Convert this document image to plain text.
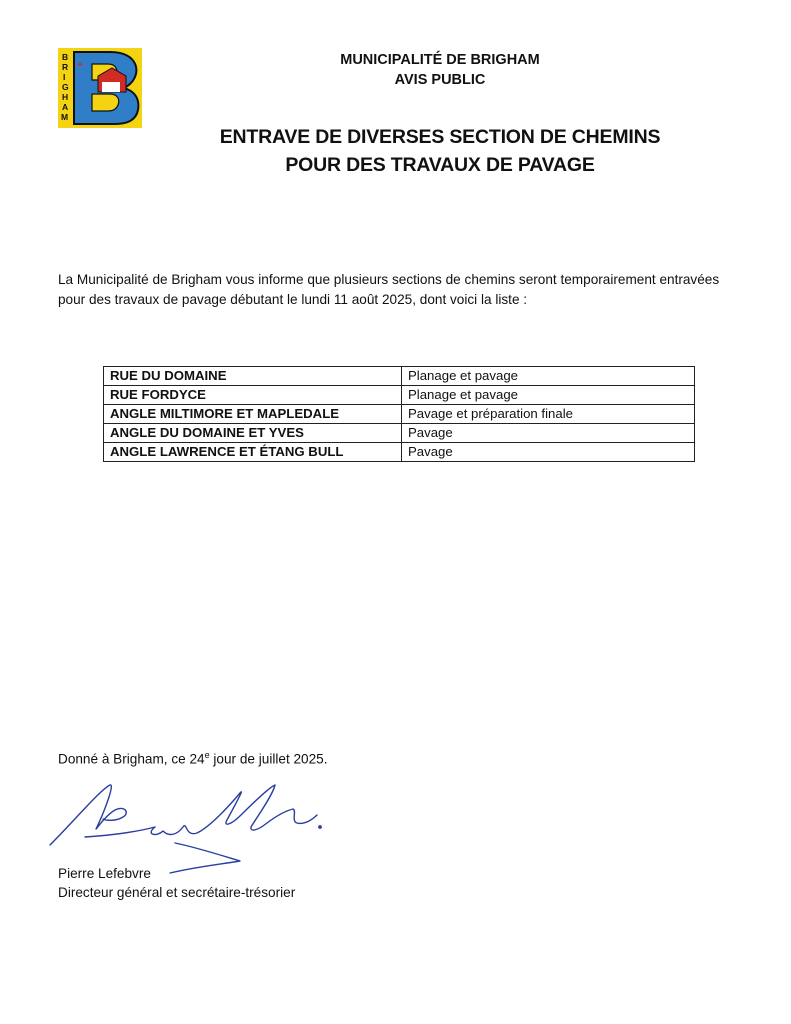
B
R
I
G
H
A
M
MUNICIPALITÉ DE BRIGHAM
AVIS PUBLIC
ENTRAVE DE DIVERSES SECTION DE CHEMINS
POUR DES TRAVAUX DE PAVAGE
La Municipalité de Brigham vous informe que plusieurs sections de chemins seront temporairement entravées
pour des travaux de pavage débutant le lundi 11 août 2025, dont voici la liste :
RUE DU DOMAINE	Planage et pavage
RUE FORDYCE	Planage et pavage
ANGLE MILTIMORE ET MAPLEDALE	Pavage et préparation finale
ANGLE DU DOMAINE ET YVES	Pavage
ANGLE LAWRENCE ET ÉTANG BULL	Pavage
Donné à Brigham, ce 24e jour de juillet 2025.
Pierre Lefebvre
Directeur général et secrétaire-trésorier
